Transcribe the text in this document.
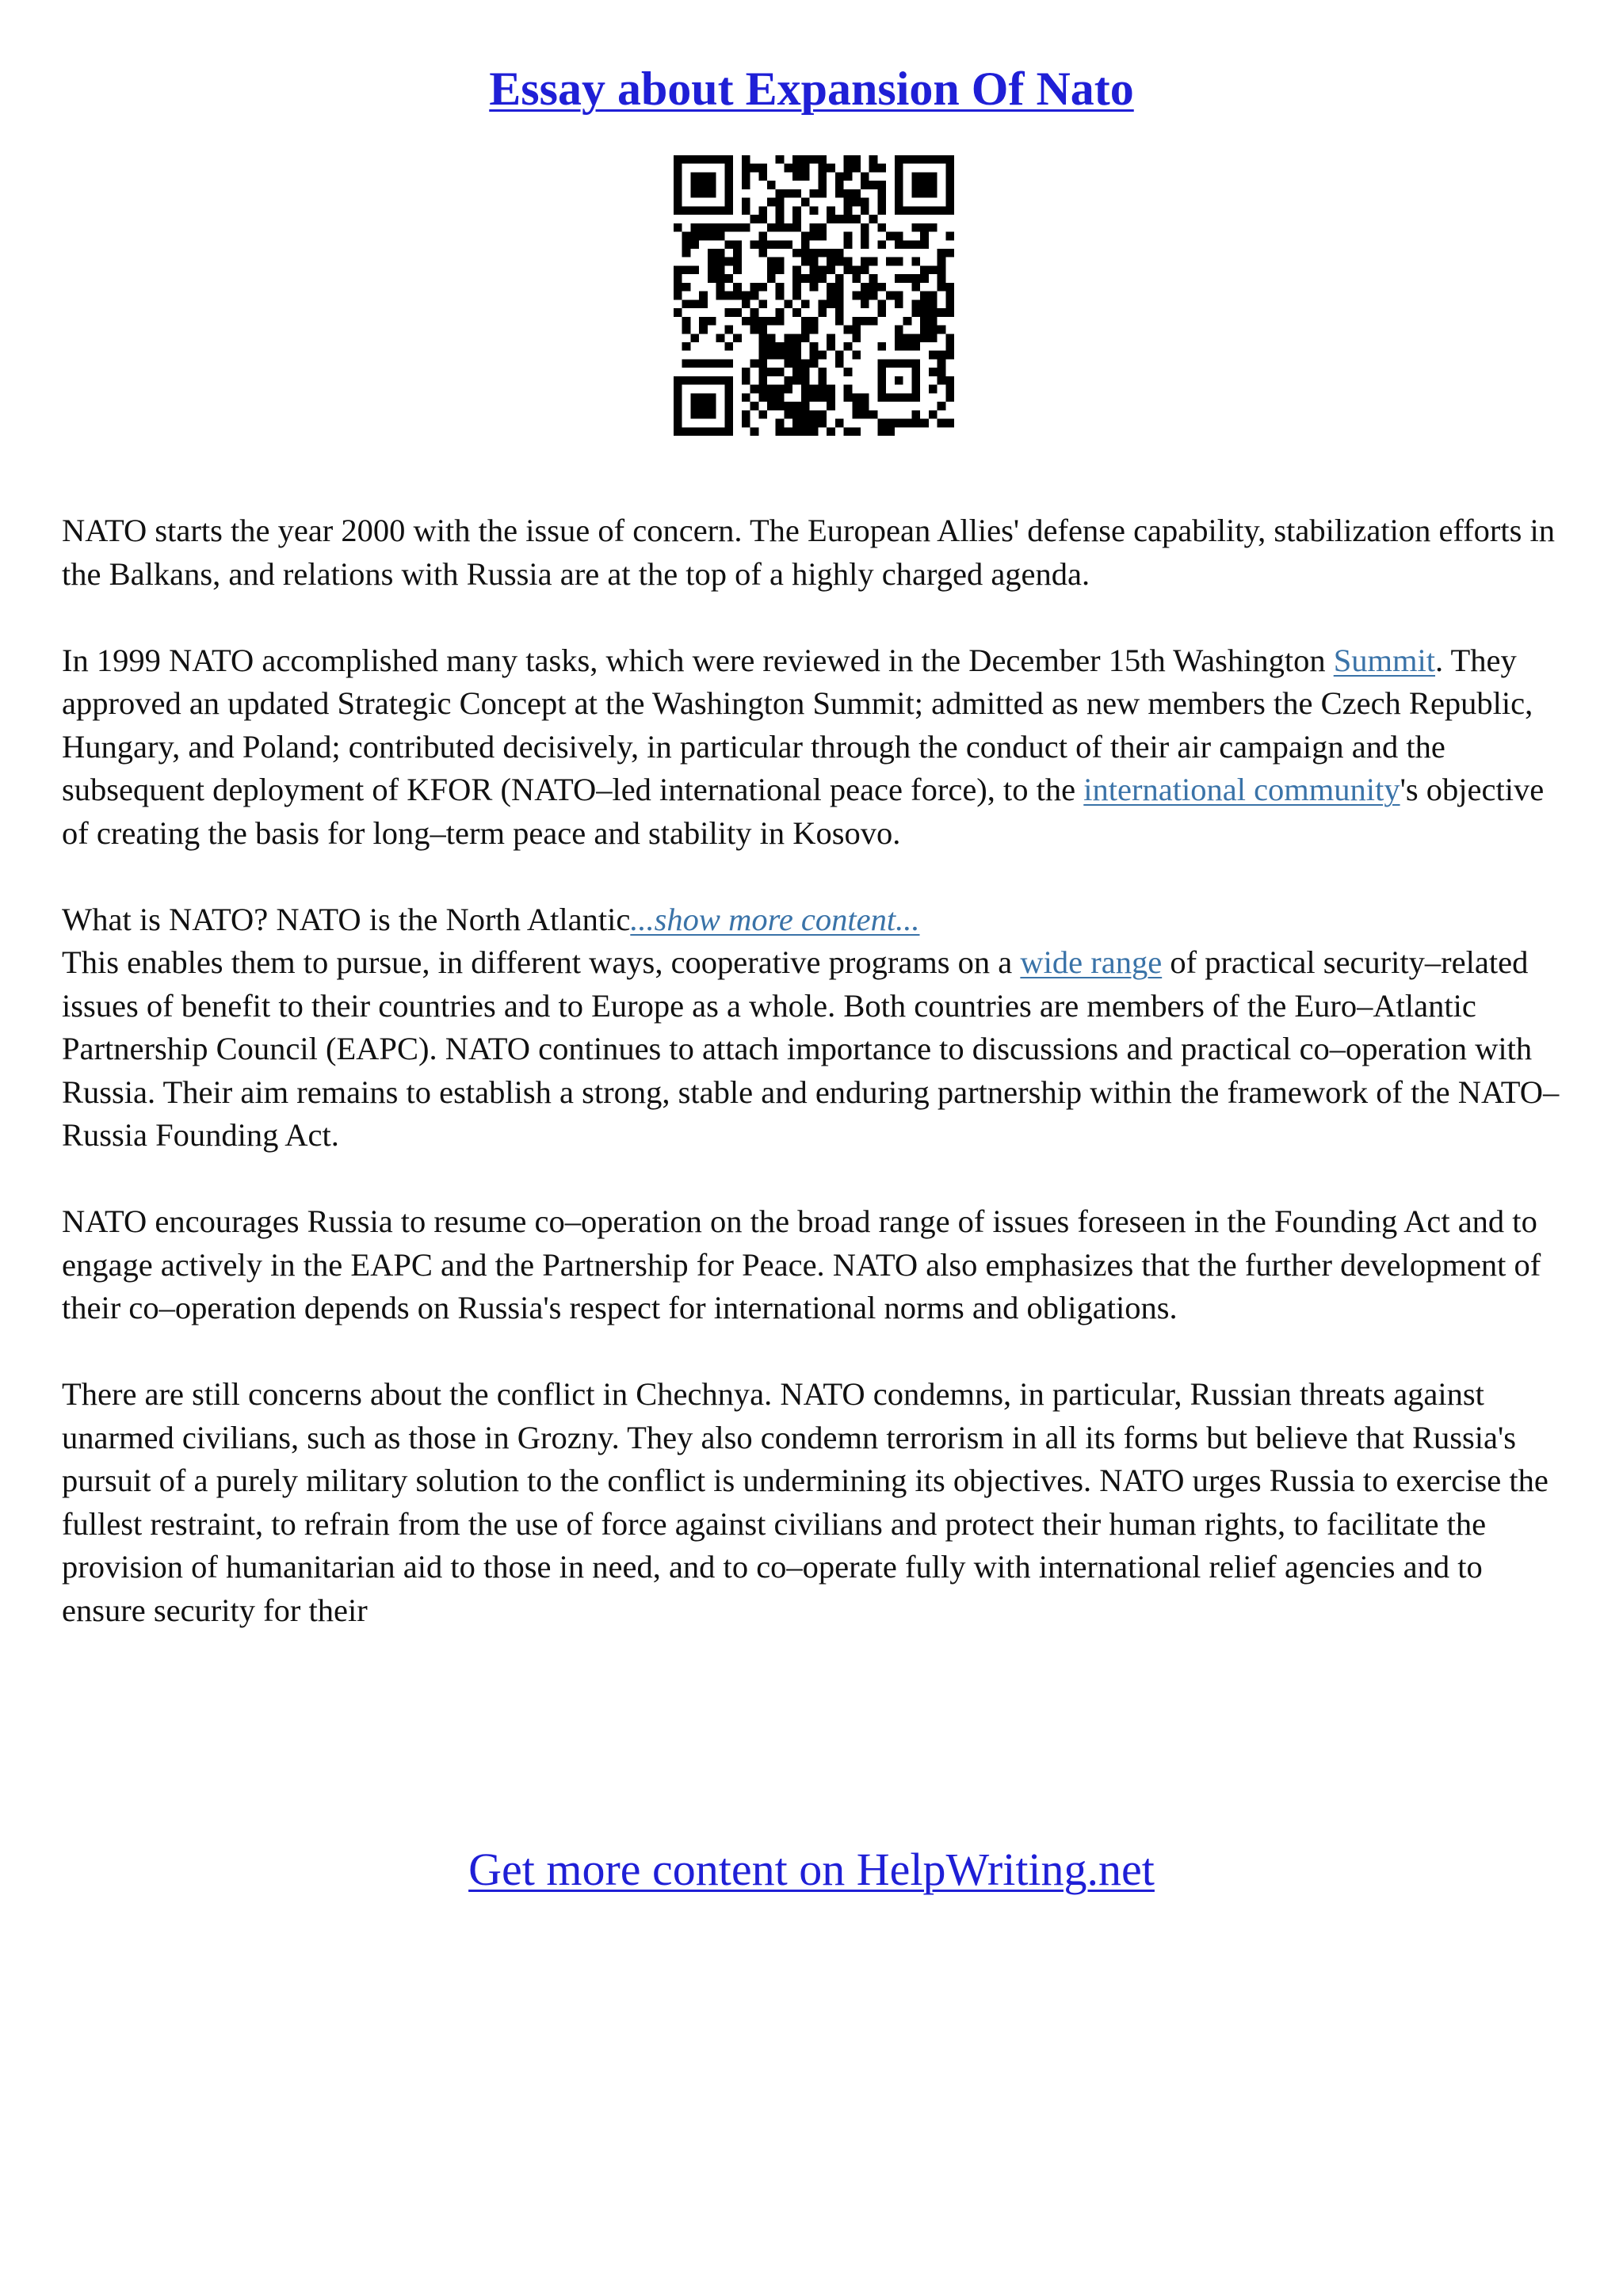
Essay about Expansion Of Nato

NATO starts the year 2000 with the issue of concern. The European Allies' defense capability, stabilization efforts in the Balkans, and relations with Russia are at the top of a highly charged agenda.

In 1999 NATO accomplished many tasks, which were reviewed in the December 15th Washington Summit. They approved an updated Strategic Concept at the Washington Summit; admitted as new members the Czech Republic, Hungary, and Poland; contributed decisively, in particular through the conduct of their air campaign and the subsequent deployment of KFOR (NATO–led international peace force), to the international community's objective of creating the basis for long–term peace and stability in Kosovo.

What is NATO? NATO is the North Atlantic...show more content...

This enables them to pursue, in different ways, cooperative programs on a wide range of practical security–related issues of benefit to their countries and to Europe as a whole. Both countries are members of the Euro–Atlantic Partnership Council (EAPC). NATO continues to attach importance to discussions and practical co–operation with Russia. Their aim remains to establish a strong, stable and enduring partnership within the framework of the NATO–Russia Founding Act.

NATO encourages Russia to resume co–operation on the broad range of issues foreseen in the Founding Act and to engage actively in the EAPC and the Partnership for Peace. NATO also emphasizes that the further development of their co–operation depends on Russia's respect for international norms and obligations.

There are still concerns about the conflict in Chechnya. NATO condemns, in particular, Russian threats against unarmed civilians, such as those in Grozny. They also condemn terrorism in all its forms but believe that Russia's pursuit of a purely military solution to the conflict is undermining its objectives. NATO urges Russia to exercise the fullest restraint, to refrain from the use of force against civilians and protect their human rights, to facilitate the provision of humanitarian aid to those in need, and to co–operate fully with international relief agencies and to ensure security for their

Get more content on HelpWriting.net
